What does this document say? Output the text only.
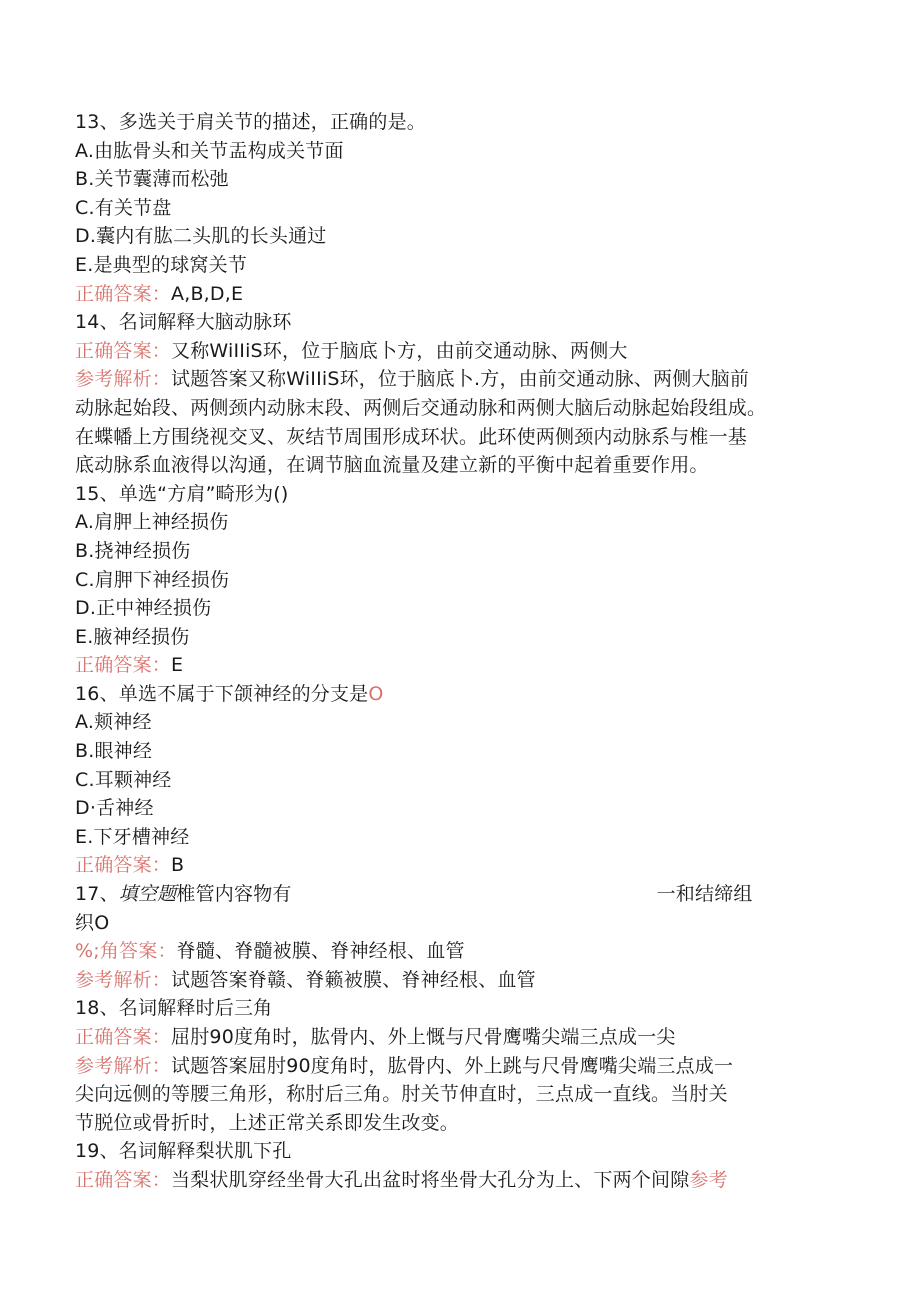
13、多选关于肩关节的描述，正确的是。
A.由肱骨头和关节盂构成关节面
B.关节囊薄而松弛
C.有关节盘
D.囊内有肱二头肌的长头通过
E.是典型的球窝关节
正确答案：A,B,D,E
14、名词解释大脑动脉环
正确答案：又称WiIIiS环，位于脑底卜方，由前交通动脉、两侧大
参考解析：试题答案又称WiIIiS环，位于脑底卜.方，由前交通动脉、两侧大脑前
动脉起始段、两侧颈内动脉末段、两侧后交通动脉和两侧大脑后动脉起始段组成。
在蝶幡上方围绕视交叉、灰结节周围形成环状。此环使两侧颈内动脉系与椎一基
底动脉系血液得以沟通，在调节脑血流量及建立新的平衡中起着重要作用。
15、单选“方肩”畸形为()
A.肩胛上神经损伤
B.挠神经损伤
C.肩胛下神经损伤
D.正中神经损伤
E.腋神经损伤
正确答案：E
16、单选不属于下颌神经的分支是O
A.颊神经
B.眼神经
C.耳颗神经
D·舌神经
E.下牙槽神经
正确答案：B
17、填空题椎管内容物有	一和结缔组
织O
%;角答案：脊髓、脊髓被膜、脊神经根、血管
参考解析：试题答案脊赣、脊籁被膜、脊神经根、血管
18、名词解释时后三角
正确答案：屈肘90度角时，肱骨内、外上慨与尺骨鹰嘴尖端三点成一尖
参考解析：试题答案屈肘90度角时，肱骨内、外上跳与尺骨鹰嘴尖端三点成一
尖向远侧的等腰三角形，称肘后三角。肘关节伸直时，三点成一直线。当肘关
节脱位或骨折时，上述正常关系即发生改变。
19、名词解释梨状肌下孔
正确答案：当梨状肌穿经坐骨大孔出盆时将坐骨大孔分为上、下两个间隙参考
